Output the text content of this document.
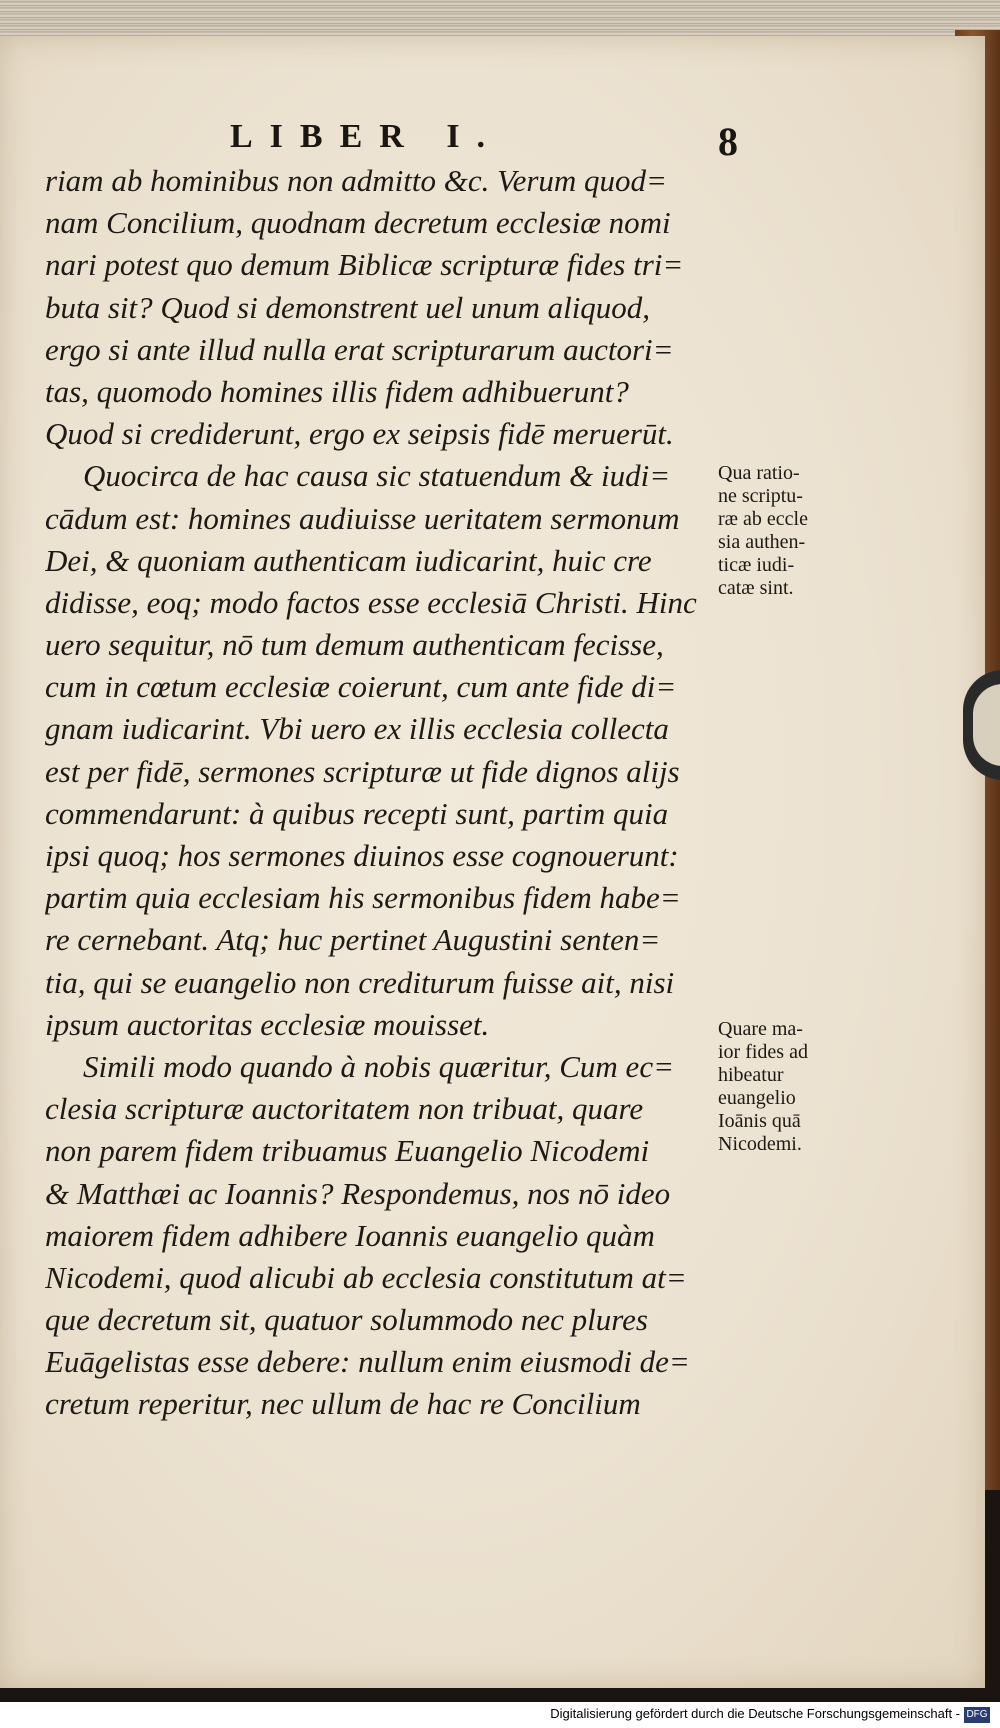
LIBER I.	8
riam ab hominibus non admitto &c. Verum quod=
nam Concilium, quodnam decretum ecclesiæ nomi
nari potest quo demum Biblicæ scripturæ fides tri=
buta sit? Quod si demonstrent uel unum aliquod,
ergo si ante illud nulla erat scripturarum auctori=
tas, quomodo homines illis fidem adhibuerunt?
Quod si crediderunt, ergo ex seipsis fidē meruerūt.
Quocirca de hac causa sic statuendum & iudi=
cādum est: homines audiuisse ueritatem sermonum
Dei, & quoniam authenticam iudicarint, huic cre
didisse, eoq; modo factos esse ecclesiā Christi. Hinc
uero sequitur, nō tum demum authenticam fecisse,
cum in cœtum ecclesiæ coierunt, cum ante fide di=
gnam iudicarint. Vbi uero ex illis ecclesia collecta
est per fidē, sermones scripturæ ut fide dignos alijs
commendarunt: à quibus recepti sunt, partim quia
ipsi quoq; hos sermones diuinos esse cognouerunt:
partim quia ecclesiam his sermonibus fidem habe=
re cernebant. Atq; huc pertinet Augustini senten=
tia, qui se euangelio non crediturum fuisse ait, nisi
ipsum auctoritas ecclesiæ mouisset.
Simili modo quando à nobis quæritur, Cum ec=
clesia scripturæ auctoritatem non tribuat, quare
non parem fidem tribuamus Euangelio Nicodemi
& Matthæi ac Ioannis? Respondemus, nos nō ideo
maiorem fidem adhibere Ioannis euangelio quàm
Nicodemi, quod alicubi ab ecclesia constitutum at=
que decretum sit, quatuor solummodo nec plures
Euāgelistas esse debere: nullum enim eiusmodi de=
cretum reperitur, nec ullum de hac re Concilium
Qua ratio-
ne scriptu-
ræ ab eccle
sia authen-
ticæ iudi-
catæ sint.
Quare ma-
ior fides ad
hibeatur
euangelio
Ioānis quā
Nicodemi.
Digitalisierung gefördert durch die Deutsche Forschungsgemeinschaft - DFG
